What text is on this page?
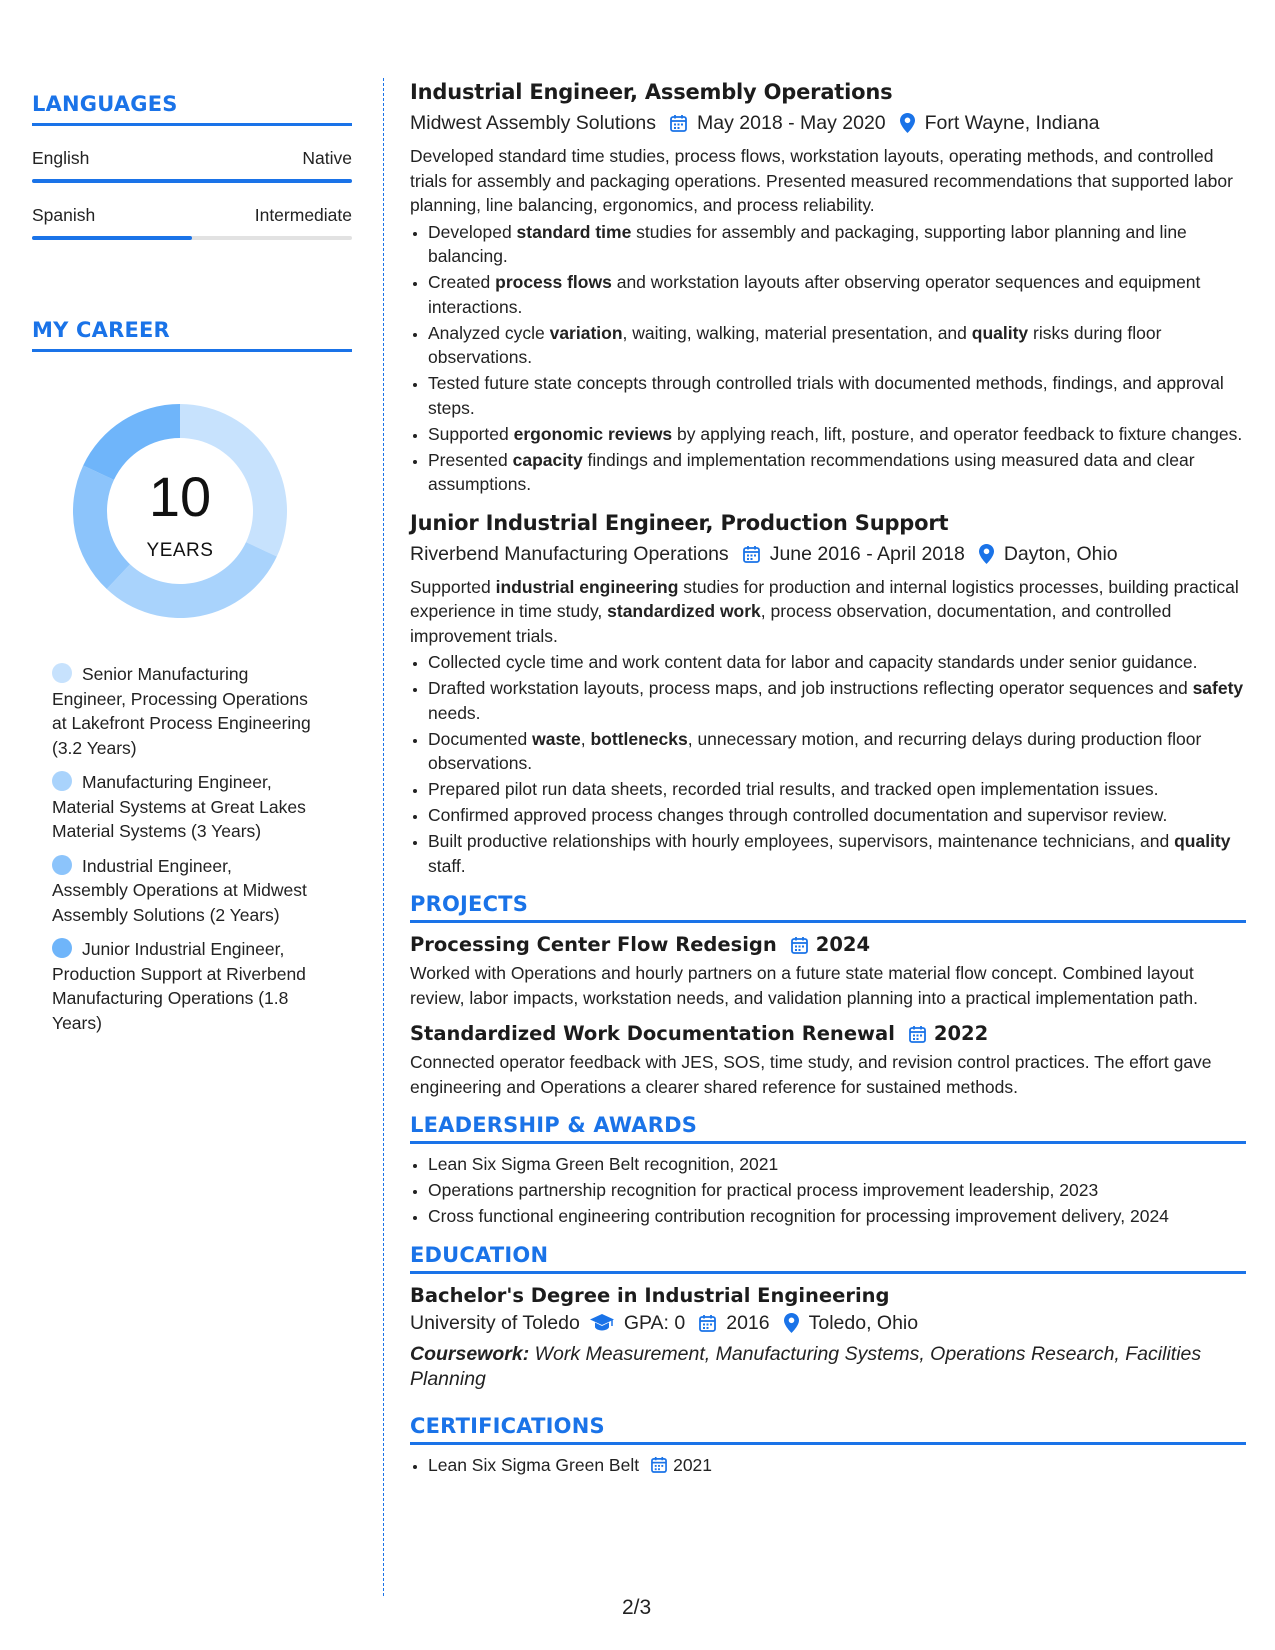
LANGUAGES
English	Native
Spanish	Intermediate
MY CAREER
10
YEARS
Senior Manufacturing Engineer, Processing Operations at Lakefront Process Engineering (3.2 Years)
Manufacturing Engineer, Material Systems at Great Lakes Material Systems (3 Years)
Industrial Engineer, Assembly Operations at Midwest Assembly Solutions (2 Years)
Junior Industrial Engineer, Production Support at Riverbend Manufacturing Operations (1.8 Years)
Industrial Engineer, Assembly Operations
Midwest Assembly Solutions May 2018 - May 2020 Fort Wayne, Indiana
Developed standard time studies, process flows, workstation layouts, operating methods, and controlled trials for assembly and packaging operations. Presented measured recommendations that supported labor planning, line balancing, ergonomics, and process reliability.
• Developed standard time studies for assembly and packaging, supporting labor planning and line balancing.
• Created process flows and workstation layouts after observing operator sequences and equipment interactions.
• Analyzed cycle variation, waiting, walking, material presentation, and quality risks during floor observations.
• Tested future state concepts through controlled trials with documented methods, findings, and approval steps.
• Supported ergonomic reviews by applying reach, lift, posture, and operator feedback to fixture changes.
• Presented capacity findings and implementation recommendations using measured data and clear assumptions.
Junior Industrial Engineer, Production Support
Riverbend Manufacturing Operations June 2016 - April 2018 Dayton, Ohio
Supported industrial engineering studies for production and internal logistics processes, building practical experience in time study, standardized work, process observation, documentation, and controlled improvement trials.
• Collected cycle time and work content data for labor and capacity standards under senior guidance.
• Drafted workstation layouts, process maps, and job instructions reflecting operator sequences and safety needs.
• Documented waste, bottlenecks, unnecessary motion, and recurring delays during production floor observations.
• Prepared pilot run data sheets, recorded trial results, and tracked open implementation issues.
• Confirmed approved process changes through controlled documentation and supervisor review.
• Built productive relationships with hourly employees, supervisors, maintenance technicians, and quality staff.
PROJECTS
Processing Center Flow Redesign 2024
Worked with Operations and hourly partners on a future state material flow concept. Combined layout review, labor impacts, workstation needs, and validation planning into a practical implementation path.
Standardized Work Documentation Renewal 2022
Connected operator feedback with JES, SOS, time study, and revision control practices. The effort gave engineering and Operations a clearer shared reference for sustained methods.
LEADERSHIP & AWARDS
• Lean Six Sigma Green Belt recognition, 2021
• Operations partnership recognition for practical process improvement leadership, 2023
• Cross functional engineering contribution recognition for processing improvement delivery, 2024
EDUCATION
Bachelor's Degree in Industrial Engineering
University of Toledo GPA: 0 2016 Toledo, Ohio
Coursework: Work Measurement, Manufacturing Systems, Operations Research, Facilities Planning
CERTIFICATIONS
• Lean Six Sigma Green Belt 2021
2/3
